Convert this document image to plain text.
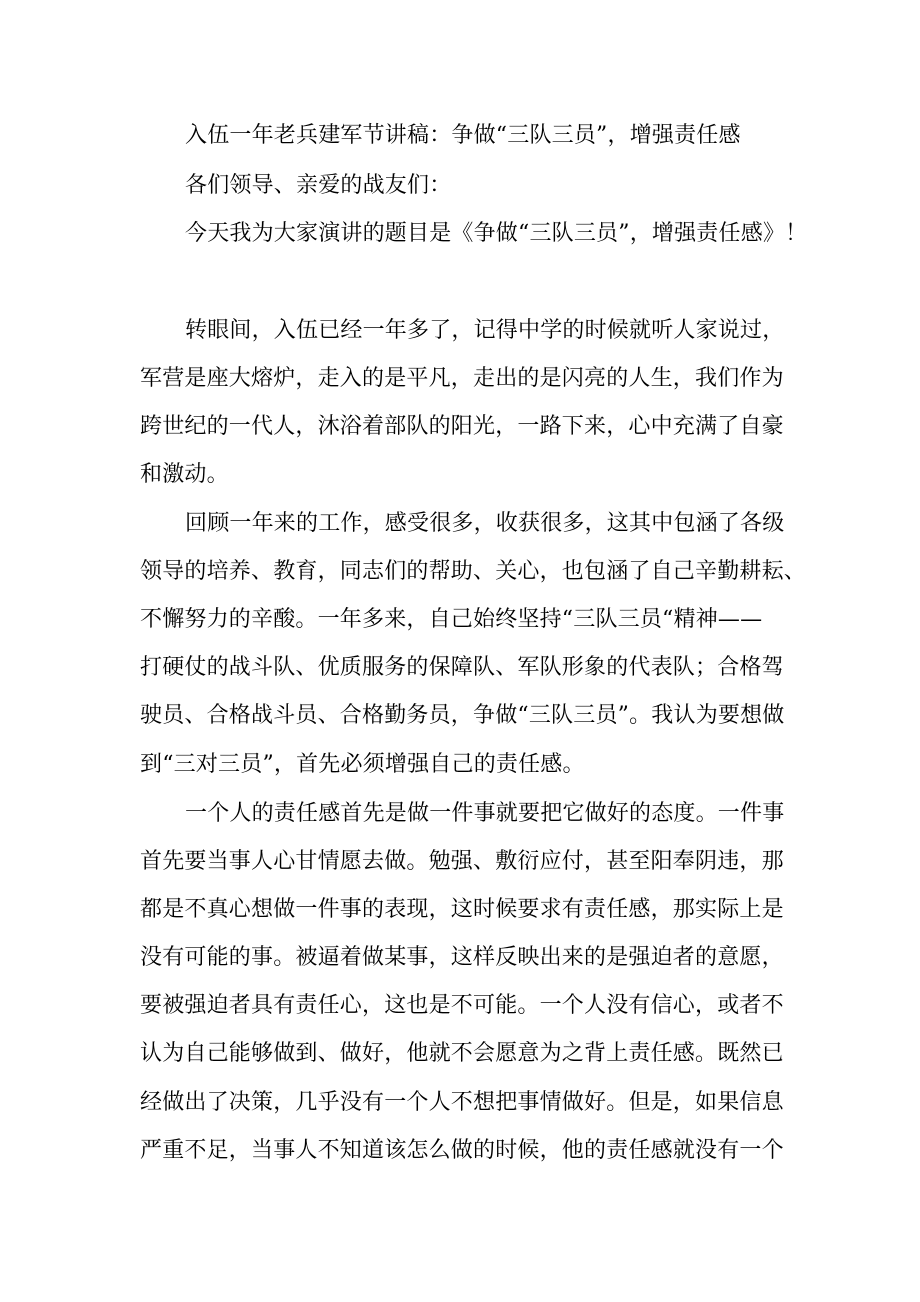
入伍一年老兵建军节讲稿：争做“三队三员”，增强责任感
各们领导、亲爱的战友们：
今天我为大家演讲的题目是《争做“三队三员”，增强责任感》！
转眼间，入伍已经一年多了，记得中学的时候就听人家说过，
军营是座大熔炉，走入的是平凡，走出的是闪亮的人生，我们作为
跨世纪的一代人，沐浴着部队的阳光，一路下来，心中充满了自豪
和激动。
回顾一年来的工作，感受很多，收获很多，这其中包涵了各级
领导的培养、教育，同志们的帮助、关心，也包涵了自己辛勤耕耘、
不懈努力的辛酸。一年多来，自己始终坚持“三队三员“精神——
打硬仗的战斗队、优质服务的保障队、军队形象的代表队；合格驾
驶员、合格战斗员、合格勤务员，争做“三队三员”。我认为要想做
到“三对三员”，首先必须增强自己的责任感。
一个人的责任感首先是做一件事就要把它做好的态度。一件事
首先要当事人心甘情愿去做。勉强、敷衍应付，甚至阳奉阴违，那
都是不真心想做一件事的表现，这时候要求有责任感，那实际上是
没有可能的事。被逼着做某事，这样反映出来的是强迫者的意愿，
要被强迫者具有责任心，这也是不可能。一个人没有信心，或者不
认为自己能够做到、做好，他就不会愿意为之背上责任感。既然已
经做出了决策，几乎没有一个人不想把事情做好。但是，如果信息
严重不足，当事人不知道该怎么做的时候，他的责任感就没有一个
